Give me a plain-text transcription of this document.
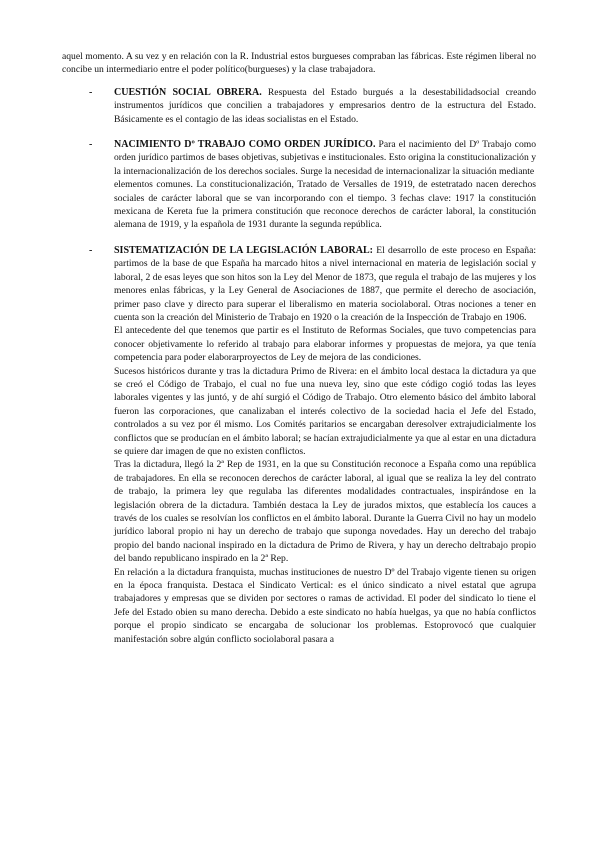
aquel momento. A su vez y en relación con la R. Industrial estos burgueses compraban las fábricas. Este régimen liberal no concibe un intermediario entre el poder político(burgueses) y la clase trabajadora.

- CUESTIÓN SOCIAL OBRERA. Respuesta del Estado burgués a la desestabilidadsocial creando instrumentos jurídicos que concilien a trabajadores y empresarios dentro de la estructura del Estado. Básicamente es el contagio de las ideas socialistas en el Estado.

- NACIMIENTO Dº TRABAJO COMO ORDEN JURÍDICO. Para el nacimiento del Dº Trabajo como orden jurídico partimos de bases objetivas, subjetivas e institucionales. Esto origina la constitucionalización y la internacionalización de los derechos sociales. Surge la necesidad de internacionalizar la situación mediante

elementos comunes. La constitucionalización, Tratado de Versalles de 1919, de estetratado nacen derechos sociales de carácter laboral que se van incorporando con el tiempo. 3 fechas clave: 1917 la constitución mexicana de Kereta fue la primera constitución que reconoce derechos de carácter laboral, la constitución alemana de 1919, y la española de 1931 durante la segunda república.

- SISTEMATIZACIÓN DE LA LEGISLACIÓN LABORAL: El desarrollo de este proceso en España: partimos de la base de que España ha marcado hitos a nivel internacional en materia de legislación social y laboral, 2 de esas leyes que son hitos son la Ley del Menor de 1873, que regula el trabajo de las mujeres y los menores enlas fábricas, y la Ley General de Asociaciones de 1887, que permite el derecho de asociación, primer paso clave y directo para superar el liberalismo en materia sociolaboral. Otras nociones a tener en cuenta son la creación del Ministerio de Trabajo en 1920 o la creación de la Inspección de Trabajo en 1906.

El antecedente del que tenemos que partir es el Instituto de Reformas Sociales, que tuvo competencias para conocer objetivamente lo referido al trabajo para elaborar informes y propuestas de mejora, ya que tenía competencia para poder elaborarproyectos de Ley de mejora de las condiciones.

Sucesos históricos durante y tras la dictadura Primo de Rivera: en el ámbito local destaca la dictadura ya que se creó el Código de Trabajo, el cual no fue una nueva ley, sino que este código cogió todas las leyes laborales vigentes y las juntó, y de ahí surgió el Código de Trabajo. Otro elemento básico del ámbito laboral fueron las corporaciones, que canalizaban el interés colectivo de la sociedad hacia el Jefe del Estado, controlados a su vez por él mismo. Los Comités paritarios se encargaban deresolver extrajudicialmente los conflictos que se producían en el ámbito laboral; se hacían extrajudicialmente ya que al estar en una dictadura se quiere dar imagen de que no existen conflictos.

Tras la dictadura, llegó la 2ª Rep de 1931, en la que su Constitución reconoce a España como una república de trabajadores. En ella se reconocen derechos de carácter laboral, al igual que se realiza la ley del contrato de trabajo, la primera ley que regulaba las diferentes modalidades contractuales, inspirándose en la legislación obrera de la dictadura. También destaca la Ley de jurados mixtos, que establecía los cauces a través de los cuales se resolvían los conflictos en el ámbito laboral. Durante la Guerra Civil no hay un modelo jurídico laboral propio ni hay un derecho de trabajo que suponga novedades. Hay un derecho del trabajo propio del bando nacional inspirado en la dictadura de Primo de Rivera, y hay un derecho deltrabajo propio del bando republicano inspirado en la 2ª Rep.

En relación a la dictadura franquista, muchas instituciones de nuestro Dº del Trabajo vigente tienen su origen en la época franquista. Destaca el Sindicato Vertical: es el único sindicato a nivel estatal que agrupa trabajadores y empresas que se dividen por sectores o ramas de actividad. El poder del sindicato lo tiene el Jefe del Estado obien su mano derecha. Debido a este sindicato no había huelgas, ya que no había conflictos porque el propio sindicato se encargaba de solucionar los problemas. Estoprovocó que cualquier manifestación sobre algún conflicto sociolaboral pasara a
